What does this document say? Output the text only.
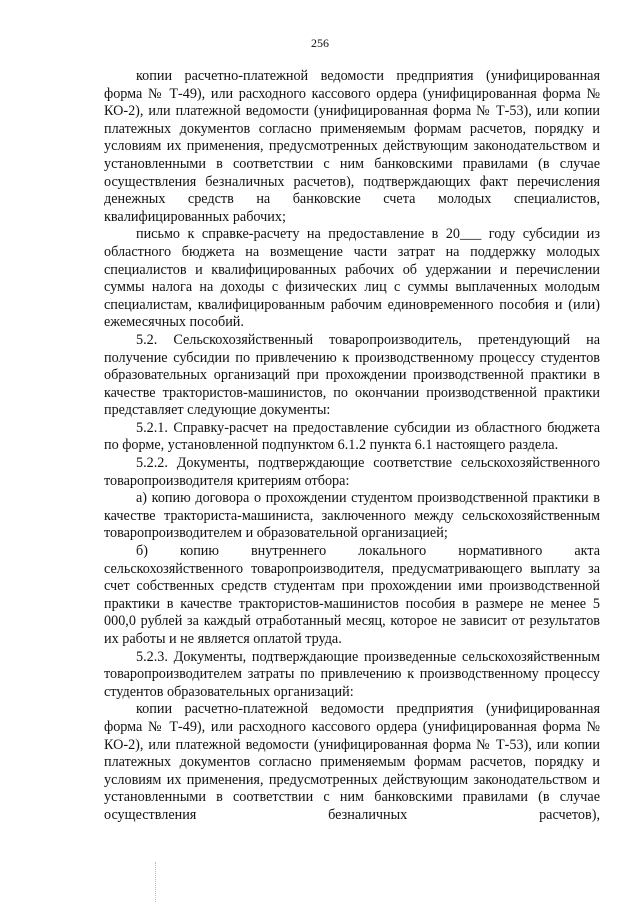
256

копии расчетно-платежной ведомости предприятия (унифицированная форма № Т-49), или расходного кассового ордера (унифицированная форма № КО-2), или платежной ведомости (унифицированная форма № Т-53), или копии платежных документов согласно применяемым формам расчетов, порядку и условиям их применения, предусмотренных действующим законодательством и установленными в соответствии с ним банковскими правилами (в случае осуществления безналичных расчетов), подтверждающих факт перечисления денежных средств на банковские счета молодых специалистов, квалифицированных рабочих;

письмо к справке-расчету на предоставление в 20___ году субсидии из областного бюджета на возмещение части затрат на поддержку молодых специалистов и квалифицированных рабочих об удержании и перечислении суммы налога на доходы с физических лиц с суммы выплаченных молодым специалистам, квалифицированным рабочим единовременного пособия и (или) ежемесячных пособий.

5.2. Сельскохозяйственный товаропроизводитель, претендующий на получение субсидии по привлечению к производственному процессу студентов образовательных организаций при прохождении производственной практики в качестве трактористов-машинистов, по окончании производственной практики представляет следующие документы:

5.2.1. Справку-расчет на предоставление субсидии из областного бюджета по форме, установленной подпунктом 6.1.2 пункта 6.1 настоящего раздела.

5.2.2. Документы, подтверждающие соответствие сельскохозяйственного товаропроизводителя критериям отбора:

а) копию договора о прохождении студентом производственной практики в качестве тракториста-машиниста, заключенного между сельскохозяйственным товаропроизводителем и образовательной организацией;

б) копию внутреннего локального нормативного акта сельскохозяйственного товаропроизводителя, предусматривающего выплату за счет собственных средств студентам при прохождении ими производственной практики в качестве трактористов-машинистов пособия в размере не менее 5 000,0 рублей за каждый отработанный месяц, которое не зависит от результатов их работы и не является оплатой труда.

5.2.3. Документы, подтверждающие произведенные сельскохозяйственным товаропроизводителем затраты по привлечению к производственному процессу студентов образовательных организаций:

копии расчетно-платежной ведомости предприятия (унифицированная форма № Т-49), или расходного кассового ордера (унифицированная форма № КО-2), или платежной ведомости (унифицированная форма № Т-53), или копии платежных документов согласно применяемым формам расчетов, порядку и условиям их применения, предусмотренных действующим законодательством и установленными в соответствии с ним банковскими правилами (в случае осуществления безналичных расчетов),
